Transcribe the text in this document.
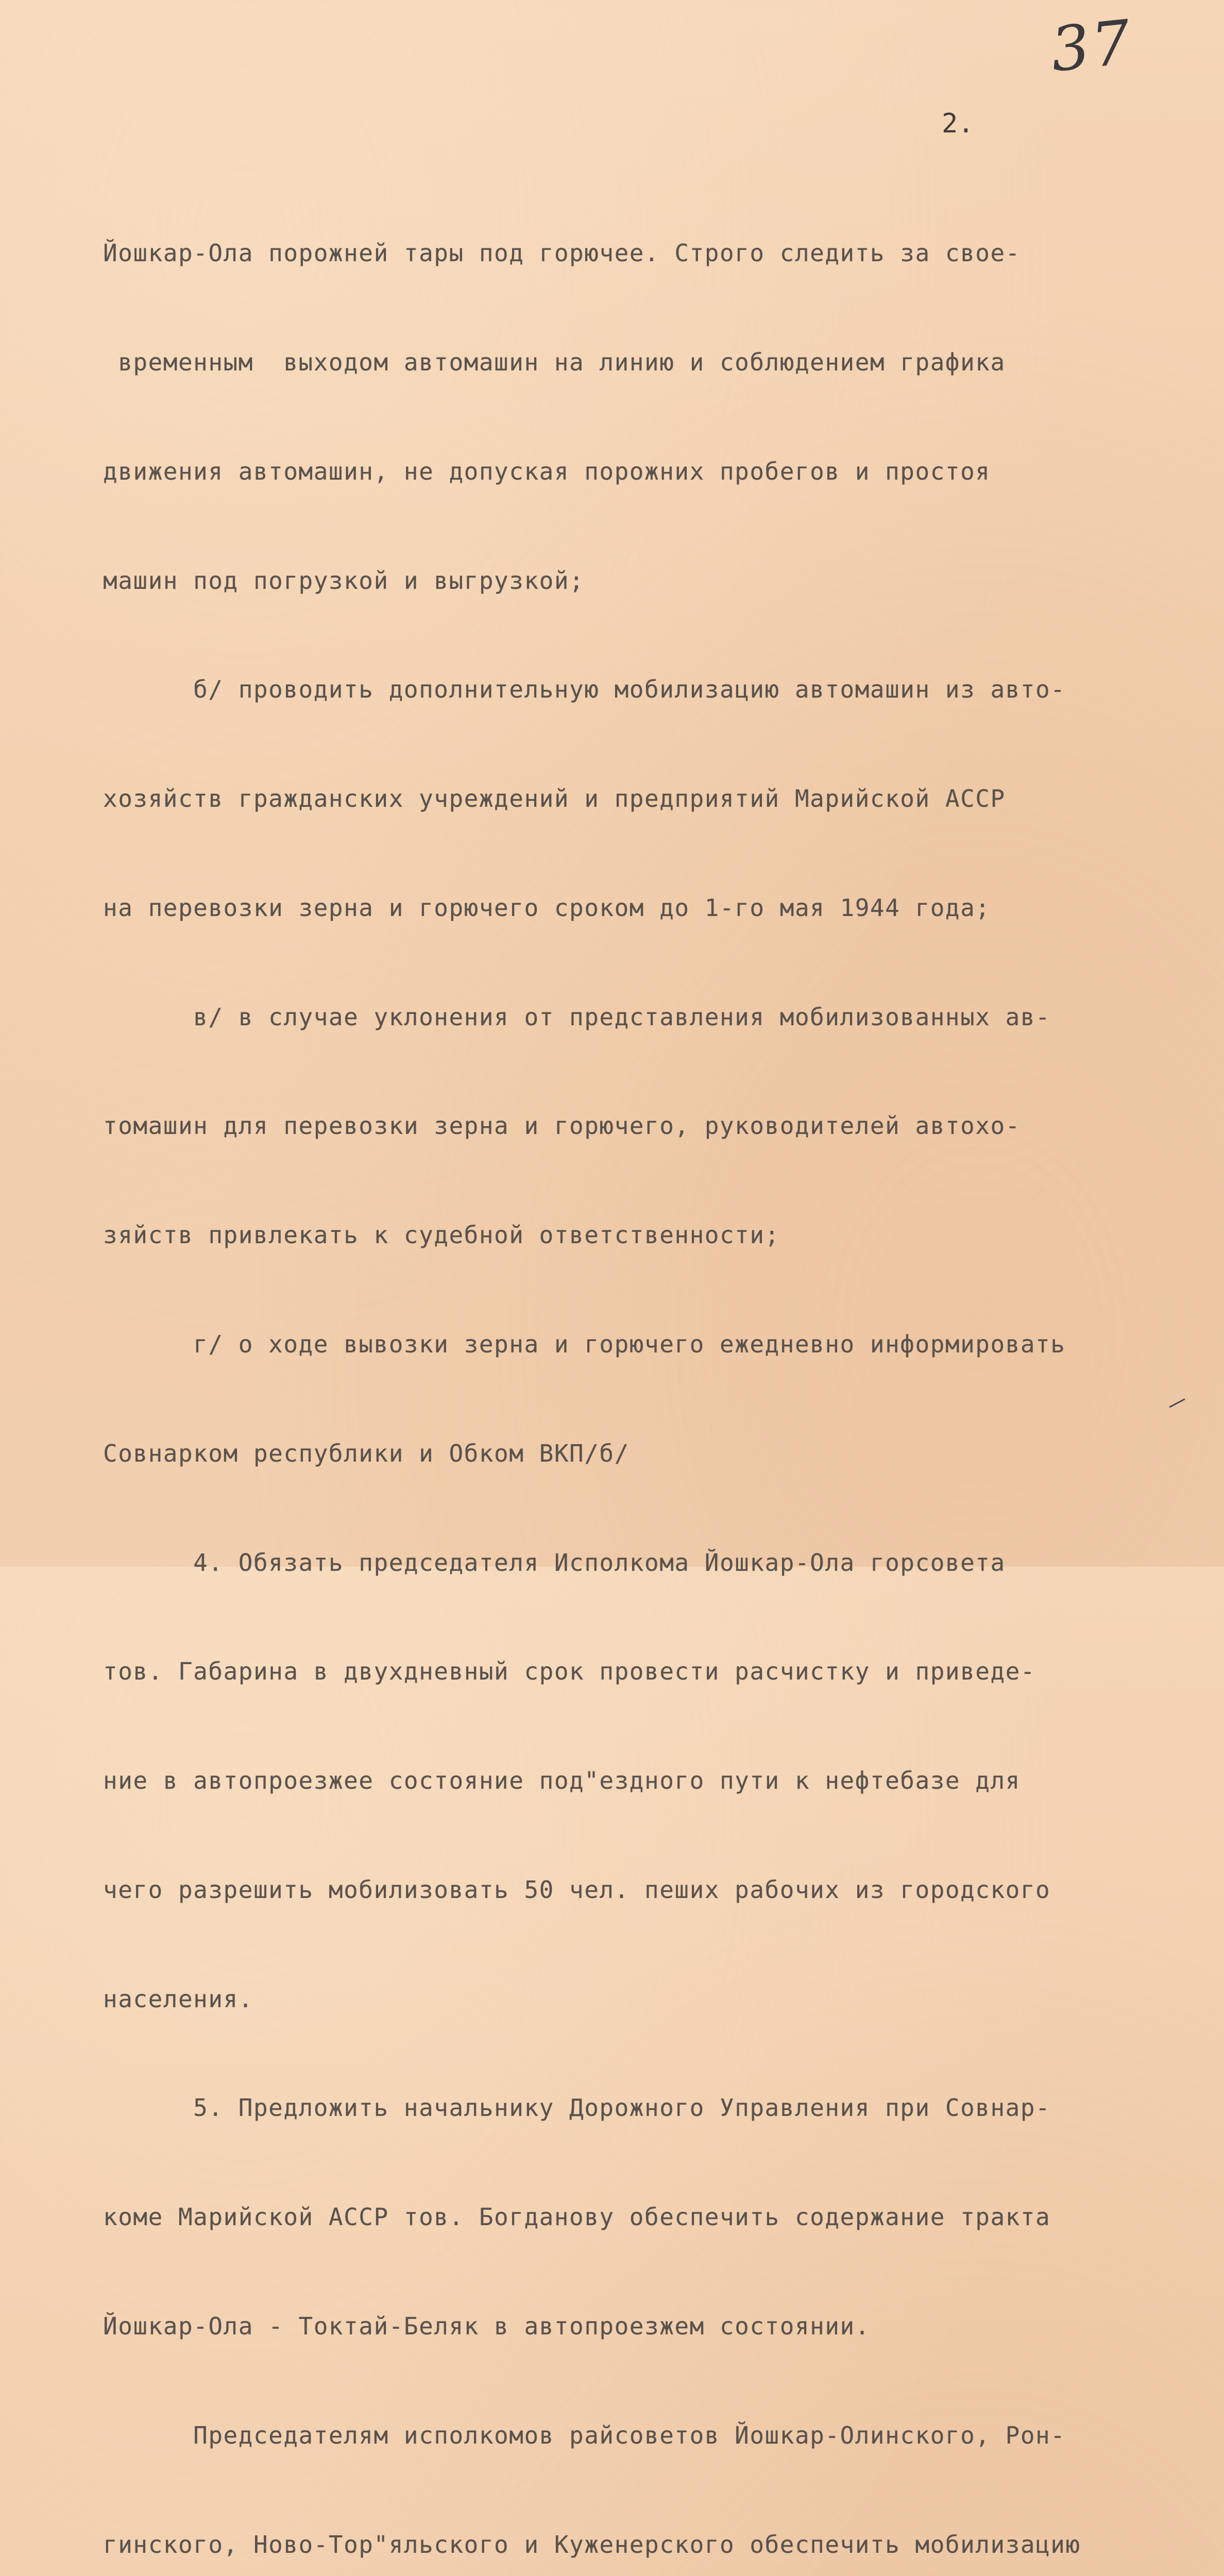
37
2.

Йошкар-Ола порожней тары под горючее. Строго следить за свое-

временным  выходом автомашин на линию и соблюдением графика

движения автомашин, не допуская порожних пробегов и простоя

машин под погрузкой и выгрузкой;

б/ проводить дополнительную мобилизацию автомашин из авто-

хозяйств гражданских учреждений и предприятий Марийской АССР

на перевозки зерна и горючего сроком до 1-го мая 1944 года;

в/ в случае уклонения от представления мобилизованных ав-

томашин для перевозки зерна и горючего, руководителей автохо-

зяйств привлекать к судебной ответственности;

г/ о ходе вывозки зерна и горючего ежедневно информировать

Совнарком республики и Обком ВКП/б/

4. Обязать председателя Исполкома Йошкар-Ола горсовета

тов. Габарина в двухдневный срок провести расчистку и приведе-

ние в автопроезжее состояние под"ездного пути к нефтебазе для

чего разрешить мобилизовать 50 чел. пеших рабочих из городского

населения.

5. Предложить начальнику Дорожного Управления при Совнар-

коме Марийской АССР тов. Богданову обеспечить содержание тракта

Йошкар-Ола - Токтай-Беляк в автопроезжем состоянии.

Председателям исполкомов райсоветов Йошкар-Олинского, Рон-

гинского, Ново-Тор"яльского и Куженерского обеспечить мобилизацию
